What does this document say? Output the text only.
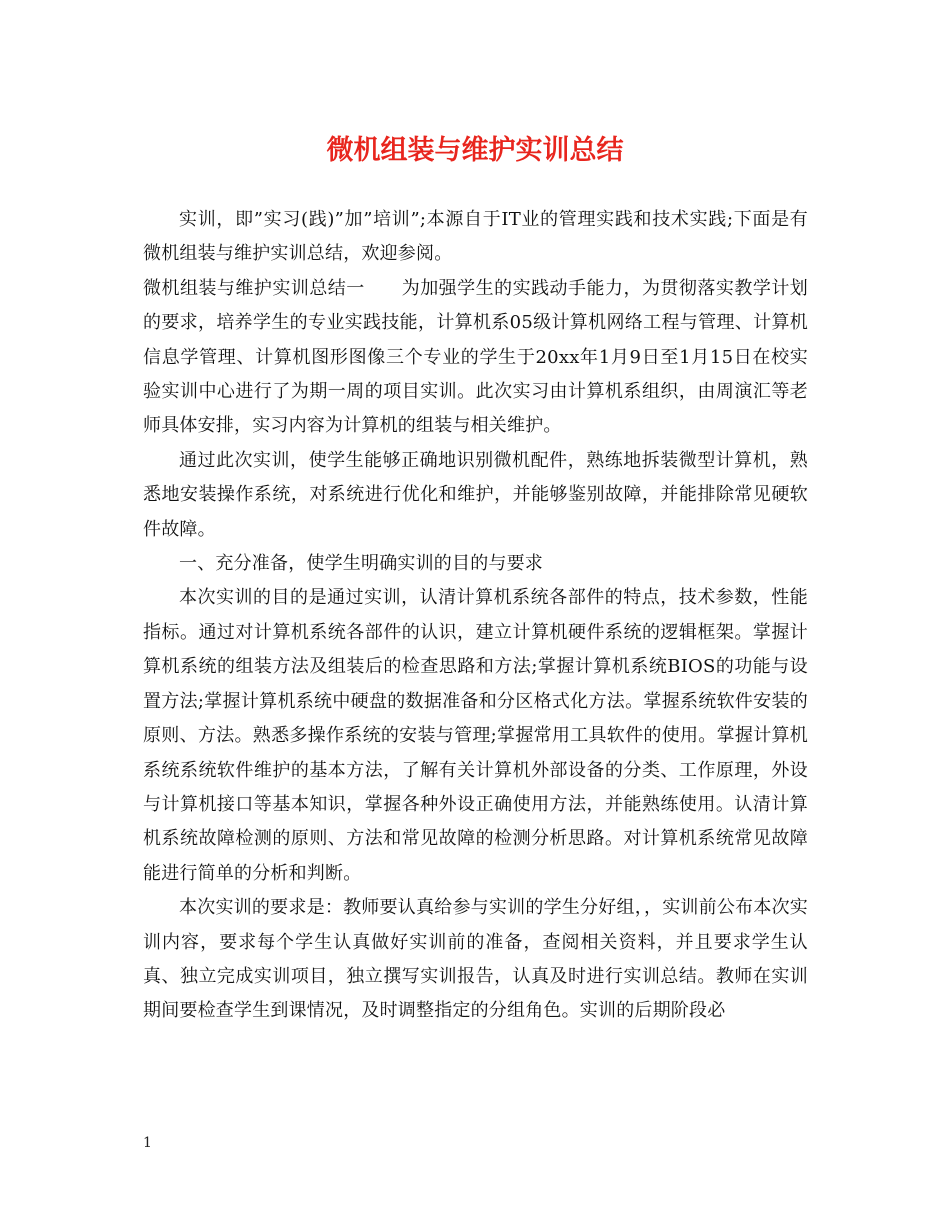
微机组装与维护实训总结

实训，即”实习(践)”加”培训”;本源自于IT业的管理实践和技术实践;下面是有微机组装与维护实训总结，欢迎参阅。

微机组装与维护实训总结一　　为加强学生的实践动手能力，为贯彻落实教学计划的要求，培养学生的专业实践技能，计算机系05级计算机网络工程与管理、计算机信息学管理、计算机图形图像三个专业的学生于20xx年1月9日至1月15日在校实验实训中心进行了为期一周的项目实训。此次实习由计算机系组织，由周演汇等老师具体安排，实习内容为计算机的组装与相关维护。

通过此次实训，使学生能够正确地识别微机配件，熟练地拆装微型计算机，熟悉地安装操作系统，对系统进行优化和维护，并能够鉴别故障，并能排除常见硬软件故障。

一、充分准备，使学生明确实训的目的与要求

本次实训的目的是通过实训，认清计算机系统各部件的特点，技术参数，性能指标。通过对计算机系统各部件的认识，建立计算机硬件系统的逻辑框架。掌握计算机系统的组装方法及组装后的检查思路和方法;掌握计算机系统BIOS的功能与设置方法;掌握计算机系统中硬盘的数据准备和分区格式化方法。掌握系统软件安装的原则、方法。熟悉多操作系统的安装与管理;掌握常用工具软件的使用。掌握计算机系统系统软件维护的基本方法，了解有关计算机外部设备的分类、工作原理，外设与计算机接口等基本知识，掌握各种外设正确使用方法，并能熟练使用。认清计算机系统故障检测的原则、方法和常见故障的检测分析思路。对计算机系统常见故障能进行简单的分析和判断。

本次实训的要求是：教师要认真给参与实训的学生分好组，，实训前公布本次实训内容，要求每个学生认真做好实训前的准备，查阅相关资料，并且要求学生认真、独立完成实训项目，独立撰写实训报告，认真及时进行实训总结。教师在实训期间要检查学生到课情况，及时调整指定的分组角色。实训的后期阶段必

1
